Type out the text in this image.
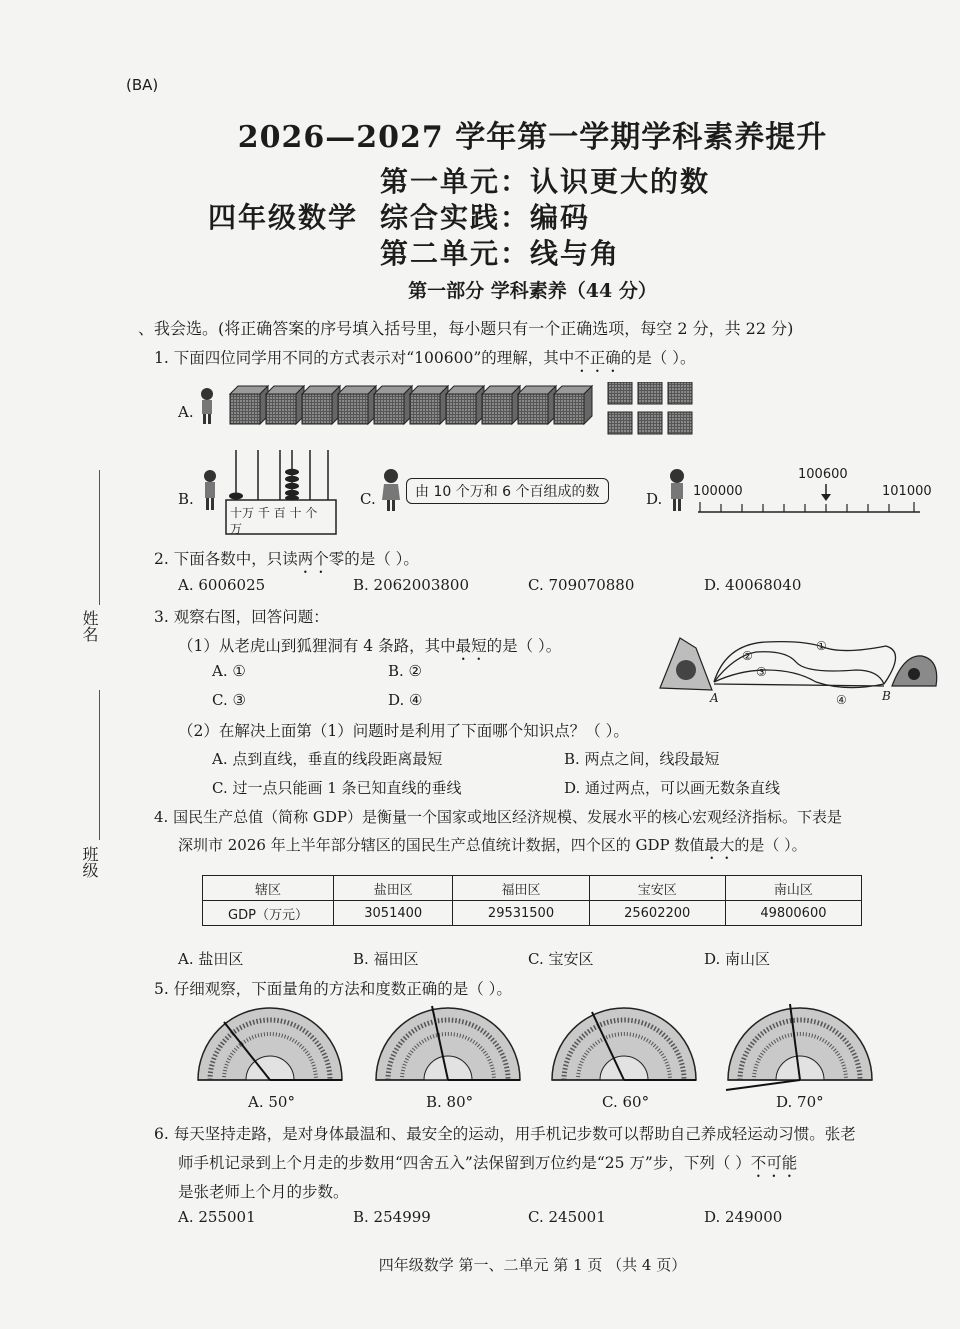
(BA)
2026—2027 学年第一学期学科素养提升
第一单元：认识更大的数
四年级数学 综合实践：编码
第二单元：线与角
第一部分 学科素养（44 分）
、我会选。(将正确答案的序号填入括号里，每小题只有一个正确选项，每空 2 分，共 22 分)
姓名
班级
1. 下面四位同学用不同的方式表示对“100600”的理解，其中不正确的是（ ）。
A.
B.
十万 千 百 十 个
万
C.	由 10 个万和 6 个百组成的数	D. 100000
100600
101000
2. 下面各数中，只读两个零的是（ ）。
A. 6006025	B. 2062003800	C. 709070880	D. 40068040
3. 观察右图，回答问题：
（1）从老虎山到狐狸洞有 4 条路，其中最短的是（ ）。
A. ①	B. ②
C. ③	D. ④
①
②
③
④
A	B
（2）在解决上面第（1）问题时是利用了下面哪个知识点？（ ）。
A. 点到直线，垂直的线段距离最短	B. 两点之间，线段最短
C. 过一点只能画 1 条已知直线的垂线	D. 通过两点，可以画无数条直线
4. 国民生产总值（简称 GDP）是衡量一个国家或地区经济规模、发展水平的核心宏观经济指标。下表是
深圳市 2026 年上半年部分辖区的国民生产总值统计数据，四个区的 GDP 数值最大的是（ ）。
辖区	盐田区	福田区	宝安区	南山区
GDP（万元）	3051400	29531500	25602200	49800600
A. 盐田区	B. 福田区	C. 宝安区	D. 南山区
5. 仔细观察，下面量角的方法和度数正确的是（ ）。
A. 50°	B. 80°	C. 60°	D. 70°
6. 每天坚持走路，是对身体最温和、最安全的运动，用手机记步数可以帮助自己养成轻运动习惯。张老
师手机记录到上个月走的步数用“四舍五入”法保留到万位约是“25 万”步，下列（ ）不可能
是张老师上个月的步数。
A. 255001	B. 254999	C. 245001	D. 249000
四年级数学 第一、二单元 第 1 页 （共 4 页）
